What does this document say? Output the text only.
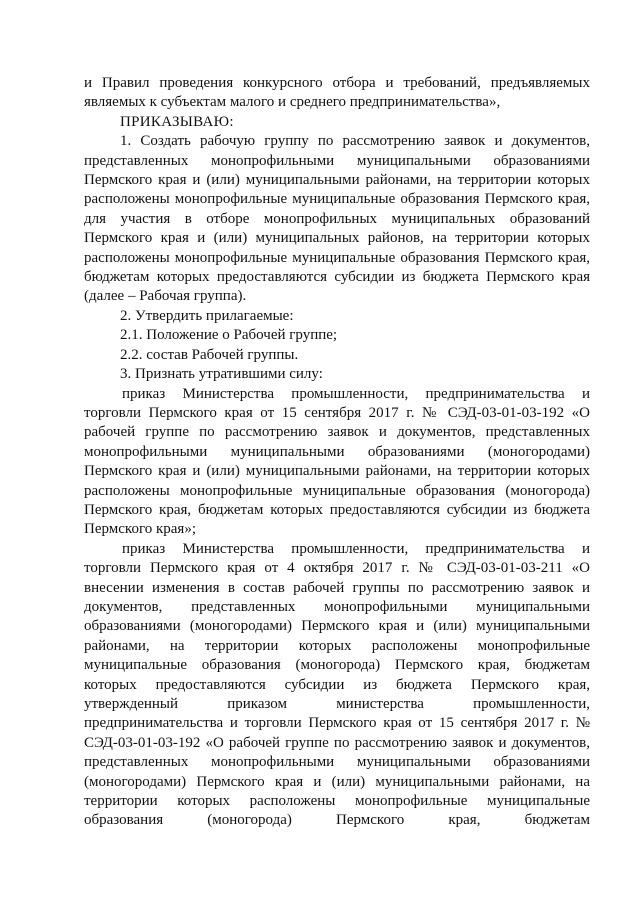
и Правил проведения конкурсного отбора и требований, предъявляемых являемых к субъектам малого и среднего предпринимательства»,

ПРИКАЗЫВАЮ:

1. Создать рабочую группу по рассмотрению заявок и документов, представленных монопрофильными муниципальными образованиями Пермского края и (или) муниципальными районами, на территории которых расположены монопрофильные муниципальные образования Пермского края, для участия в отборе монопрофильных муниципальных образований Пермского края и (или) муниципальных районов, на территории которых расположены монопрофильные муниципальные образования Пермского края, бюджетам которых предоставляются субсидии из бюджета Пермского края (далее – Рабочая группа).

2. Утвердить прилагаемые:

2.1. Положение о Рабочей группе;

2.2. состав Рабочей группы.

3. Признать утратившими силу:

приказ Министерства промышленности, предпринимательства и торговли Пермского края от 15 сентября 2017 г. № СЭД-03-01-03-192 «О рабочей группе по рассмотрению заявок и документов, представленных монопрофильными муниципальными образованиями (моногородами) Пермского края и (или) муниципальными районами, на территории которых расположены монопрофильные муниципальные образования (моногорода) Пермского края, бюджетам которых предоставляются субсидии из бюджета Пермского края»;

приказ Министерства промышленности, предпринимательства и торговли Пермского края от 4 октября 2017 г. № СЭД-03-01-03-211 «О внесении изменения в состав рабочей группы по рассмотрению заявок и документов, представленных монопрофильными муниципальными образованиями (моногородами) Пермского края и (или) муниципальными районами, на территории которых расположены монопрофильные муниципальные образования (моногорода) Пермского края, бюджетам которых предоставляются субсидии из бюджета Пермского края, утвержденный приказом министерства промышленности, предпринимательства и торговли Пермского края от 15 сентября 2017 г. № СЭД-03-01-03-192 «О рабочей группе по рассмотрению заявок и документов, представленных монопрофильными муниципальными образованиями (моногородами) Пермского края и (или) муниципальными районами, на территории которых расположены монопрофильные муниципальные образования (моногорода) Пермского края, бюджетам
